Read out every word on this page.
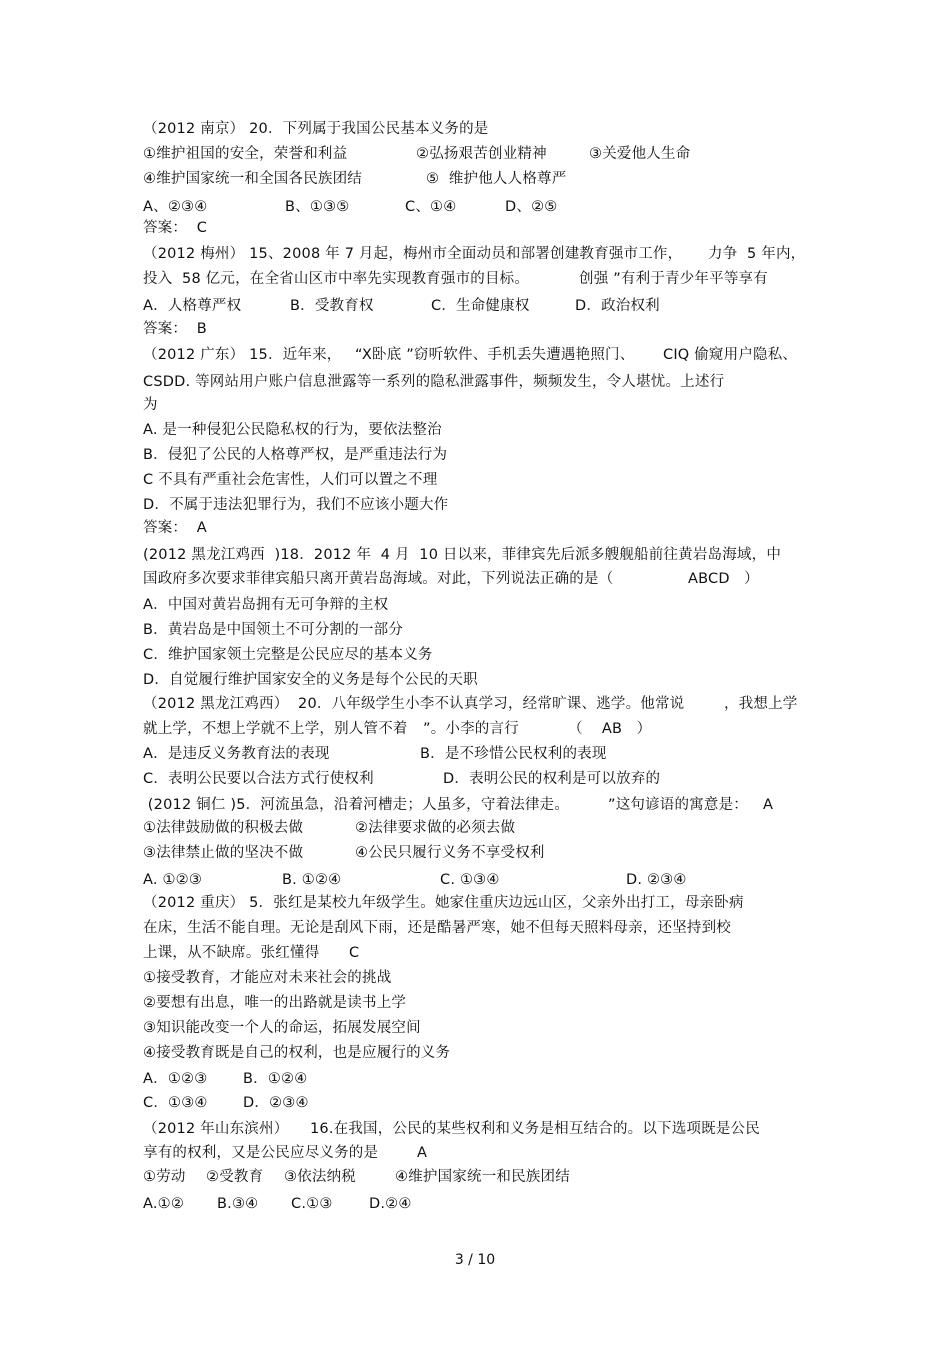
（2012 南京） 20．下列属于我国公民基本义务的是
①维护祖国的安全，荣誉和利益	②弘扬艰苦创业精神	③关爱他人生命
④维护国家统一和全国各民族团结	⑤  维护他人人格尊严
A、②③④	B、①③⑤	C、①④	D、②⑤
答案：  C
（2012 梅州） 15、2008 年 7 月起，梅州市全面动员和部署创建教育强市工作， 力争  5 年内，
投入  58 亿元，在全省山区市中率先实现教育强市的目标。	创强 ”有利于青少年平等享有
A．人格尊严权	B．受教育权	C．生命健康权	D．政治权利
答案：  B
（2012 广东） 15．近年来， “X卧底 ”窃听软件、手机丢失遭遇艳照门、 CIQ 偷窥用户隐私、
CSDD. 等网站用户账户信息泄露等一系列的隐私泄露事件，频频发生，令人堪忧。上述行
为
A. 是一种侵犯公民隐私权的行为，要依法整治
B．侵犯了公民的人格尊严权，是严重违法行为
C 不具有严重社会危害性，人们可以置之不理
D．不属于违法犯罪行为，我们不应该小题大作
答案：  A
(2012 黑龙江鸡西  )18．2012 年  4 月  10 日以来，菲律宾先后派多艘舰船前往黄岩岛海域，中
国政府多次要求菲律宾船只离开黄岩岛海域。对此，下列说法正确的是（	ABCD   ）
A．中国对黄岩岛拥有无可争辩的主权
B．黄岩岛是中国领土不可分割的一部分
C．维护国家领土完整是公民应尽的基本义务
D．自觉履行维护国家安全的义务是每个公民的天职
（2012 黑龙江鸡西）  20．八年级学生小李不认真学习，经常旷课、逃学。他常说	，我想上学
就上学，不想上学就不上学，别人管不着 ”。小李的言行	（    AB   ）
A．是违反义务教育法的表现	B．是不珍惜公民权利的表现
C．表明公民要以合法方式行使权利	D．表明公民的权利是可以放弃的
(2012 铜仁 )5．河流虽急，沿着河槽走；人虽多，守着法律走。	”这句谚语的寓意是： A
①法律鼓励做的积极去做	②法律要求做的必须去做
③法律禁止做的坚决不做	④公民只履行义务不享受权利
A. ①②③	B. ①②④	C. ①③④	D. ②③④
（2012 重庆） 5．张红是某校九年级学生。她家住重庆边远山区，父亲外出打工，母亲卧病
在床，生活不能自理。无论是刮风下雨，还是酷暑严寒，她不但每天照料母亲，还坚持到校
上课，从不缺席。张红懂得 C
①接受教育，才能应对未来社会的挑战
②要想有出息，唯一的出路就是读书上学
③知识能改变一个人的命运，拓展发展空间
④接受教育既是自己的权利，也是应履行的义务
A．①②③ B．①②④
C．①③④ D．②③④
（2012 年山东滨州） 16.在我国，公民的某些权利和义务是相互结合的。以下选项既是公民
享有的权利，又是公民应尽义务的是	A
①劳动 ②受教育 ③依法纳税	④维护国家统一和民族团结
A.①② B.③④ C.①③	D.②④
3 / 10
